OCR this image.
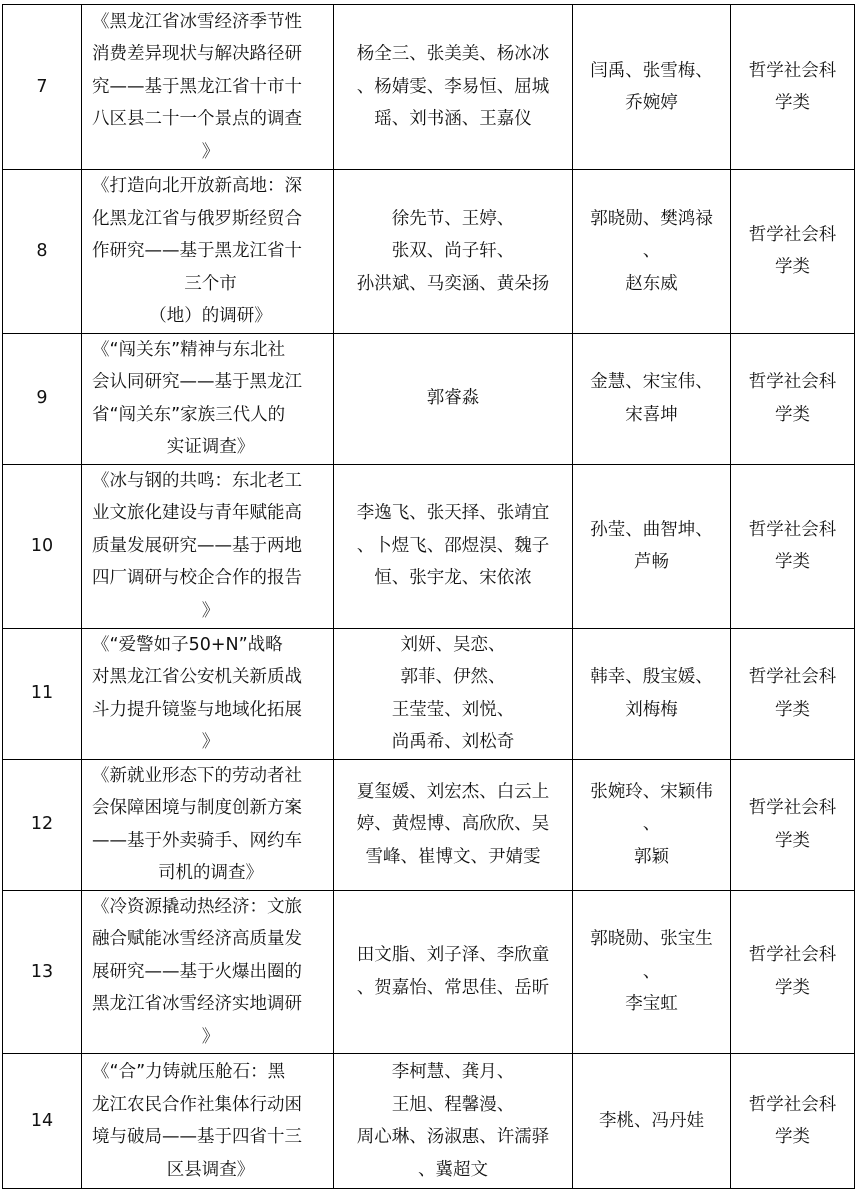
7	《黑龙江省冰雪经济季节性
消费差异现状与解决路径研
究——基于黑龙江省十市十
八区县二十一个景点的调查
》	杨全三、张美美、杨冰冰
、杨婧雯、李易恒、屈城
瑶、刘书涵、王嘉仪	闫禹、张雪梅、
乔婉婷	哲学社会科
学类

8	《打造向北开放新高地：深
化黑龙江省与俄罗斯经贸合
作研究——基于黑龙江省十
三个市
（地）的调研》	徐先节、王婷、
张双、尚子轩、
孙洪斌、马奕涵、黄朵扬	郭晓勋、樊鸿禄
、
赵东威	哲学社会科
学类

9	《“闯关东”精神与东北社
会认同研究——基于黑龙江
省“闯关东”家族三代人的
实证调查》	郭睿淼	金慧、宋宝伟、
宋喜坤	哲学社会科
学类

10	《冰与钢的共鸣：东北老工
业文旅化建设与青年赋能高
质量发展研究——基于两地
四厂调研与校企合作的报告
》	李逸飞、张天择、张靖宜
、卜煜飞、邵煜淏、魏子
恒、张宇龙、宋依浓	孙莹、曲智坤、
芦畅	哲学社会科
学类

11	《“爱警如子50+N”战略
对黑龙江省公安机关新质战
斗力提升镜鉴与地域化拓展
》	刘妍、吴恋、
郭菲、伊然、
王莹莹、刘悦、
尚禹希、刘松奇	韩幸、殷宝媛、
刘梅梅	哲学社会科
学类

12	《新就业形态下的劳动者社
会保障困境与制度创新方案
——基于外卖骑手、网约车
司机的调查》	夏玺媛、刘宏杰、白云上
婷、黄煜博、高欣欣、吴
雪峰、崔博文、尹婧雯	张婉玲、宋颖伟
、
郭颖	哲学社会科
学类

13	《冷资源撬动热经济：文旅
融合赋能冰雪经济高质量发
展研究——基于火爆出圈的
黑龙江省冰雪经济实地调研
》	田文脂、刘子泽、李欣童
、贺嘉怡、常思佳、岳昕	郭晓勋、张宝生
、
李宝虹	哲学社会科
学类

14	《“合”力铸就压舱石：黑
龙江农民合作社集体行动困
境与破局——基于四省十三
区县调查》	李柯慧、龚月、
王旭、程馨漫、
周心琳、汤淑惠、许濡驿
、冀超文	李桃、冯丹娃	哲学社会科
学类
